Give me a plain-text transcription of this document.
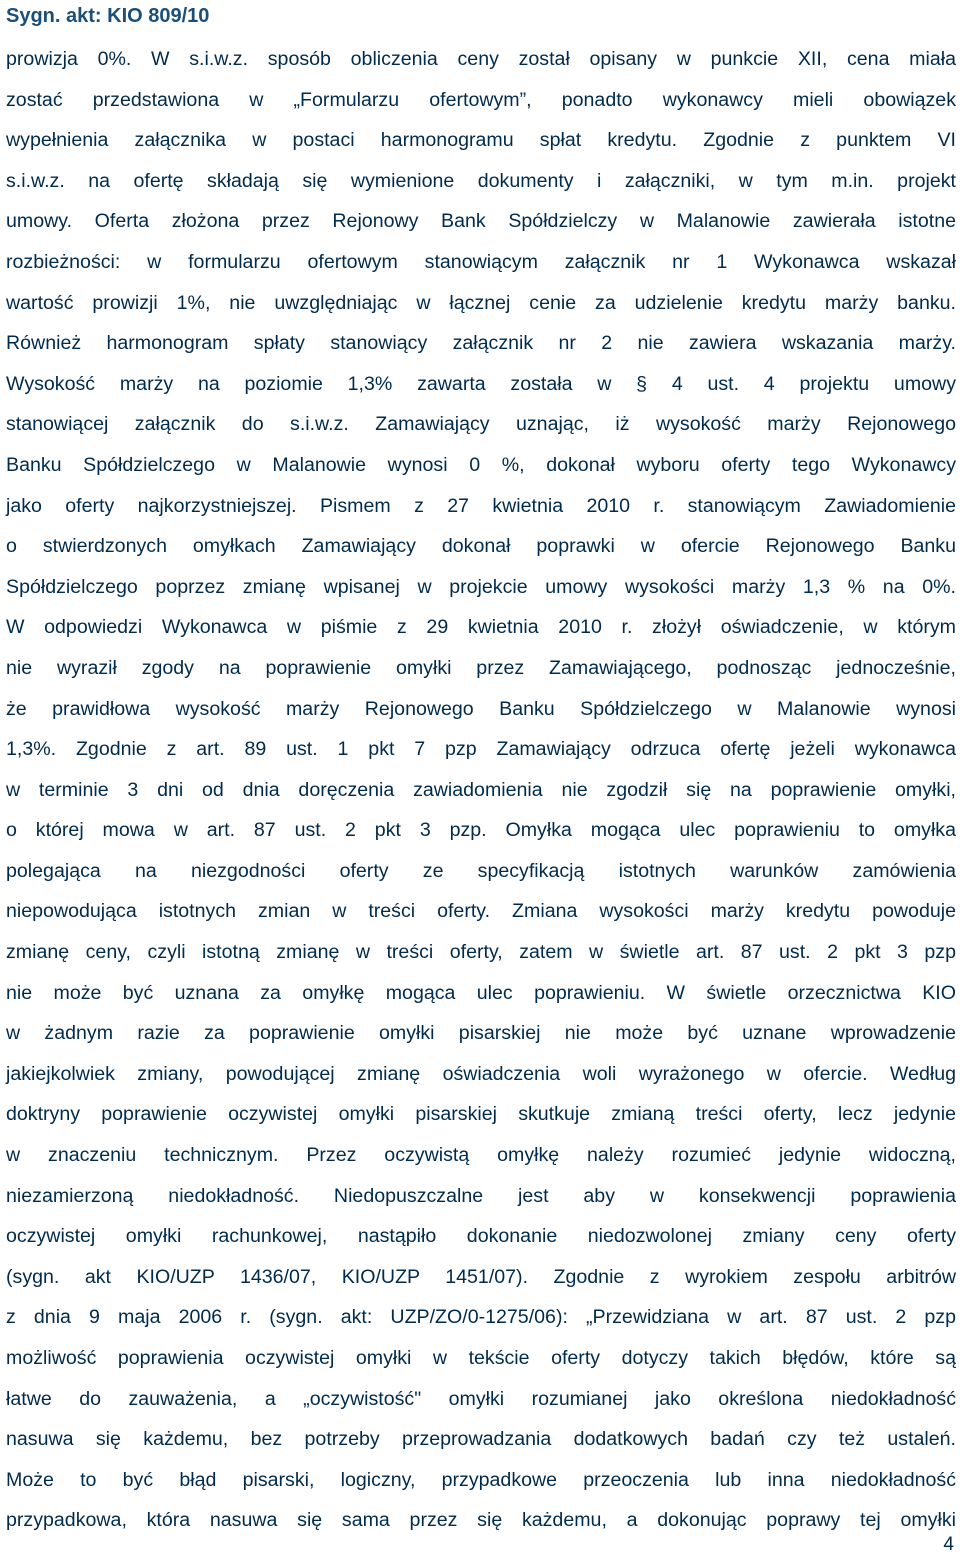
Sygn. akt: KIO 809/10
prowizja 0%. W s.i.w.z. sposób obliczenia ceny został opisany w punkcie XII, cena miała
zostać przedstawiona w „Formularzu ofertowym”, ponadto wykonawcy mieli obowiązek
wypełnienia załącznika w postaci harmonogramu spłat kredytu. Zgodnie z punktem VI
s.i.w.z. na ofertę składają się wymienione dokumenty i załączniki, w tym m.in. projekt
umowy. Oferta złożona przez Rejonowy Bank Spółdzielczy w Malanowie zawierała istotne
rozbieżności: w formularzu ofertowym stanowiącym załącznik nr 1 Wykonawca wskazał
wartość prowizji 1%, nie uwzględniając w łącznej cenie za udzielenie kredytu marży banku.
Również harmonogram spłaty stanowiący załącznik nr 2 nie zawiera wskazania marży.
Wysokość marży na poziomie 1,3% zawarta została w § 4 ust. 4 projektu umowy
stanowiącej załącznik do s.i.w.z. Zamawiający uznając, iż wysokość marży Rejonowego
Banku Spółdzielczego w Malanowie wynosi 0 %, dokonał wyboru oferty tego Wykonawcy
jako oferty najkorzystniejszej. Pismem z 27 kwietnia 2010 r. stanowiącym Zawiadomienie
o stwierdzonych omyłkach Zamawiający dokonał poprawki w ofercie Rejonowego Banku
Spółdzielczego poprzez zmianę wpisanej w projekcie umowy wysokości marży 1,3 % na 0%.
W odpowiedzi Wykonawca w piśmie z 29 kwietnia 2010 r. złożył oświadczenie, w którym
nie wyraził zgody na poprawienie omyłki przez Zamawiającego, podnosząc jednocześnie,
że prawidłowa wysokość marży Rejonowego Banku Spółdzielczego w Malanowie wynosi
1,3%. Zgodnie z art. 89 ust. 1 pkt 7 pzp Zamawiający odrzuca ofertę jeżeli wykonawca
w terminie 3 dni od dnia doręczenia zawiadomienia nie zgodził się na poprawienie omyłki,
o której mowa w art. 87 ust. 2 pkt 3 pzp. Omyłka mogąca ulec poprawieniu to omyłka
polegająca na niezgodności oferty ze specyfikacją istotnych warunków zamówienia
niepowodująca istotnych zmian w treści oferty. Zmiana wysokości marży kredytu powoduje
zmianę ceny, czyli istotną zmianę w treści oferty, zatem w świetle art. 87 ust. 2 pkt 3 pzp
nie może być uznana za omyłkę mogąca ulec poprawieniu. W świetle orzecznictwa KIO
w żadnym razie za poprawienie omyłki pisarskiej nie może być uznane wprowadzenie
jakiejkolwiek zmiany, powodującej zmianę oświadczenia woli wyrażonego w ofercie. Według
doktryny poprawienie oczywistej omyłki pisarskiej skutkuje zmianą treści oferty, lecz jedynie
w znaczeniu technicznym. Przez oczywistą omyłkę należy rozumieć jedynie widoczną,
niezamierzoną niedokładność. Niedopuszczalne jest aby w konsekwencji poprawienia
oczywistej omyłki rachunkowej, nastąpiło dokonanie niedozwolonej zmiany ceny oferty
(sygn. akt KIO/UZP 1436/07, KIO/UZP 1451/07). Zgodnie z wyrokiem zespołu arbitrów
z dnia 9 maja 2006 r. (sygn. akt: UZP/ZO/0-1275/06): „Przewidziana w art. 87 ust. 2 pzp
możliwość poprawienia oczywistej omyłki w tekście oferty dotyczy takich błędów, które są
łatwe do zauważenia, a „oczywistość" omyłki rozumianej jako określona niedokładność
nasuwa się każdemu, bez potrzeby przeprowadzania dodatkowych badań czy też ustaleń.
Może to być błąd pisarski, logiczny, przypadkowe przeoczenia lub inna niedokładność
przypadkowa, która nasuwa się sama przez się każdemu, a dokonując poprawy tej omyłki
4
